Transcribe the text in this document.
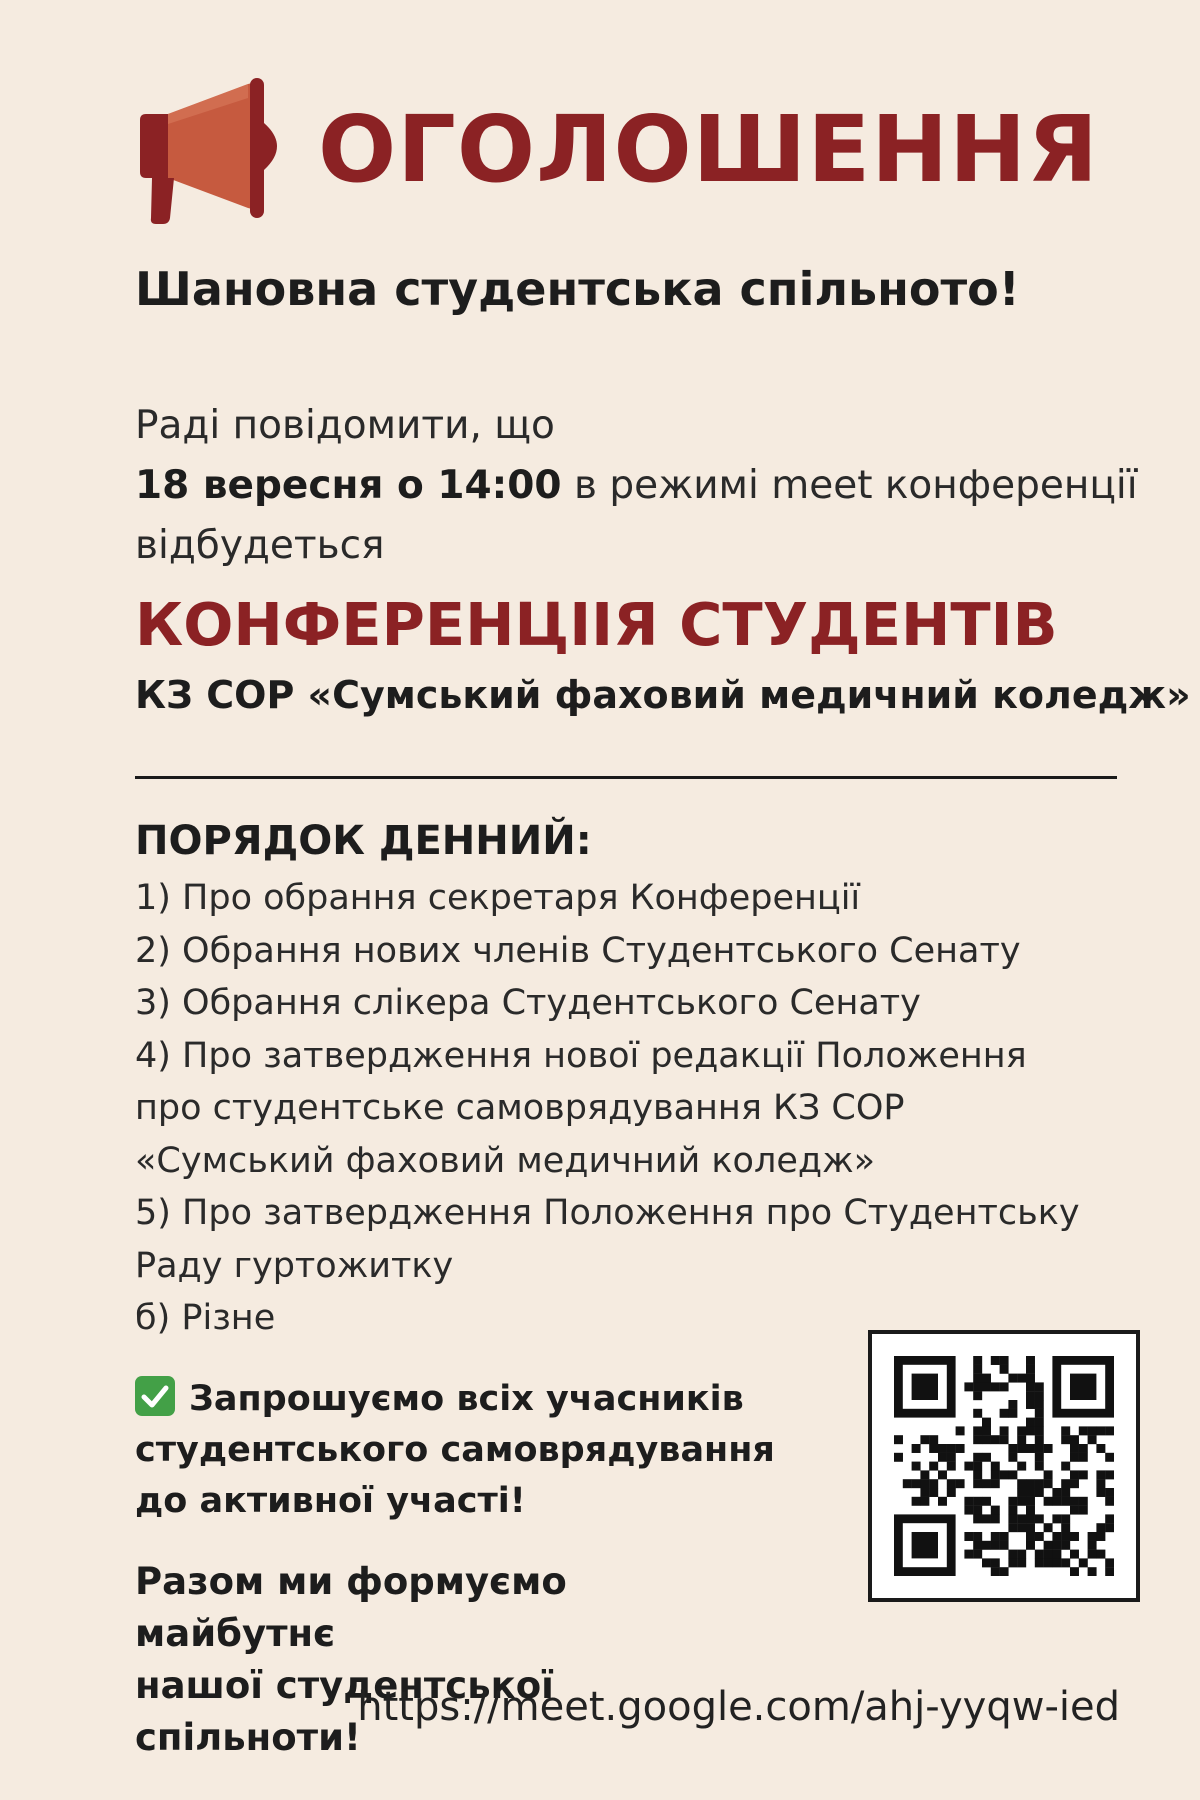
ОГОЛОШЕННЯ
Шановна студентська спільното!
Раді повідомити, що
18 вересня о 14:00 в режимі meet конференції
відбудеться
КОНФЕРЕНЦІІЯ СТУДЕНТІВ
КЗ СОР «Сумський фаховий медичний коледж»
ПОРЯДОК ДЕННИЙ:
1) Про обрання секретаря Конференції
2) Обрання нових членів Студентського Сенату
3) Обрання слікера Студентського Сенату
4) Про затвердження нової редакції Положення
про студентське самоврядування КЗ СОР
«Сумський фаховий медичний коледж»
5) Про затвердження Положення про Студентську
Раду гуртожитку
б) Різне
Запрошуємо всіх учасників
студентського самоврядування
до активної участі!
Разом ми формуємо майбутнє
нашої студентської спільноти!
https://meet.google.com/ahj-yyqw-ied
